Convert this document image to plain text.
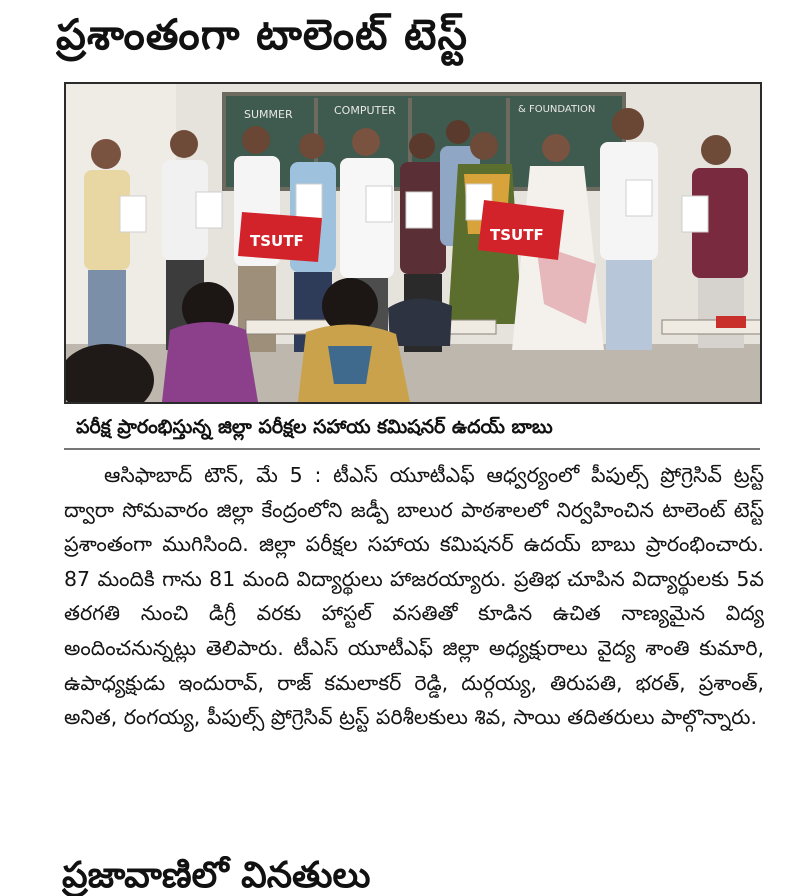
ప్రశాంతంగా టాలెంట్ టెస్ట్
SUMMER	COMPUTER	& FOUNDATION
TSUTF	TSUTF
పరీక్ష ప్రారంభిస్తున్న జిల్లా పరీక్షల సహాయ కమిషనర్ ఉదయ్ బాబు
ఆసిఫాబాద్ టౌన్, మే 5 : టీఎస్ యూటీఎఫ్ ఆధ్వర్యంలో పీపుల్స్ ప్రోగ్రెసివ్ ట్రస్ట్ ద్వారా సోమవారం జిల్లా కేంద్రంలోని జడ్పీ బాలుర పాఠశాలలో నిర్వహించిన టాలెంట్ టెస్ట్ ప్రశాంతంగా ముగిసింది. జిల్లా పరీక్షల సహాయ కమిషనర్ ఉదయ్ బాబు ప్రారంభించారు. 87 మందికి గాను 81 మంది విద్యార్థులు హాజరయ్యారు. ప్రతిభ చూపిన విద్యార్థులకు 5వ తరగతి నుంచి డిగ్రీ వరకు హాస్టల్ వసతితో కూడిన ఉచిత నాణ్యమైన విద్య అందించనున్నట్లు తెలిపారు. టీఎస్ యూటీఎఫ్ జిల్లా అధ్యక్షురాలు వైద్య శాంతి కుమారి, ఉపాధ్యక్షుడు ఇందురావ్, రాజ్ కమలాకర్ రెడ్డి, దుర్గయ్య, తిరుపతి, భరత్, ప్రశాంత్, అనిత, రంగయ్య, పీపుల్స్ ప్రోగ్రెసివ్ ట్రస్ట్ పరిశీలకులు శివ, సాయి తదితరులు పాల్గొన్నారు.
ప్రజావాణిలో వినతులు
